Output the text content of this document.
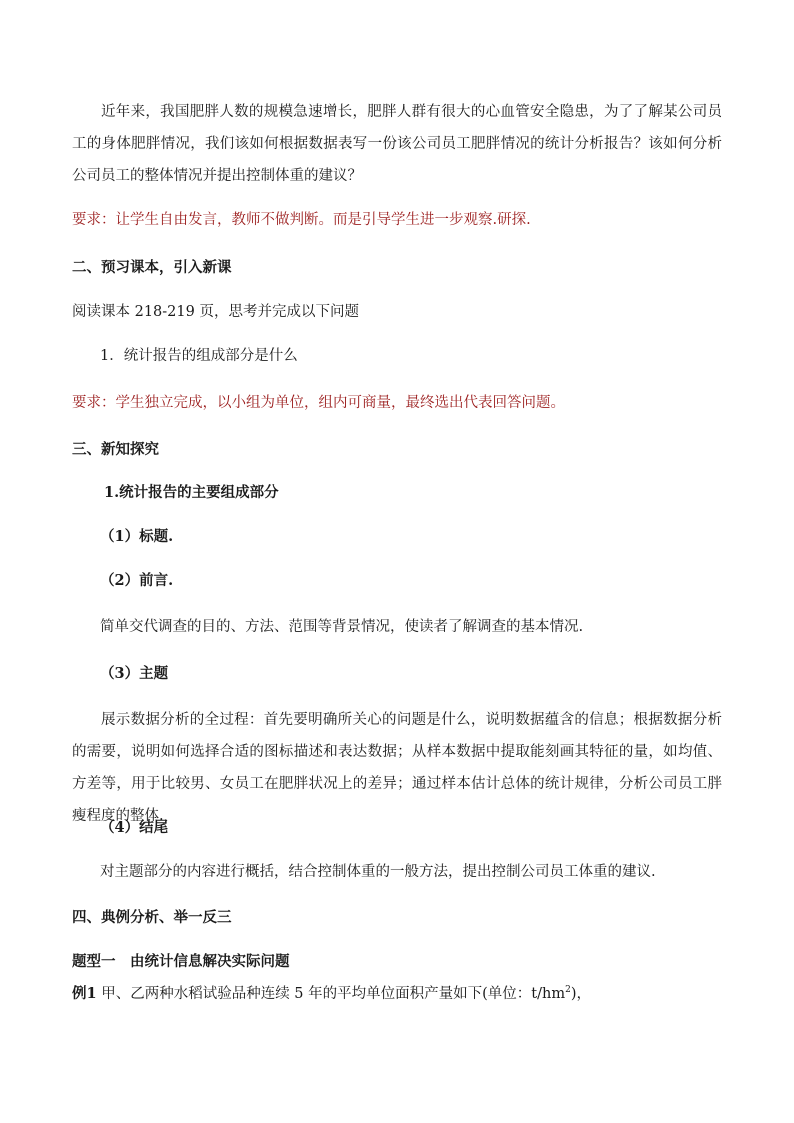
近年来，我国肥胖人数的规模急速增长，肥胖人群有很大的心血管安全隐患，为了了解某公司员工的身体肥胖情况，我们该如何根据数据表写一份该公司员工肥胖情况的统计分析报告？该如何分析公司员工的整体情况并提出控制体重的建议？

要求：让学生自由发言，教师不做判断。而是引导学生进一步观察.研探.
二、预习课本，引入新课
阅读课本 218-219 页，思考并完成以下问题
1．统计报告的组成部分是什么
要求：学生独立完成，以小组为单位，组内可商量，最终选出代表回答问题。
三、新知探究
1.统计报告的主要组成部分
（1）标题.
（2）前言.
简单交代调查的目的、方法、范围等背景情况，使读者了解调查的基本情况.
（3）主题

展示数据分析的全过程：首先要明确所关心的问题是什么，说明数据蕴含的信息；根据数据分析的需要，说明如何选择合适的图标描述和表达数据；从样本数据中提取能刻画其特征的量，如均值、方差等，用于比较男、女员工在肥胖状况上的差异；通过样本估计总体的统计规律，分析公司员工胖瘦程度的整体.

（4）结尾
对主题部分的内容进行概括，结合控制体重的一般方法，提出控制公司员工体重的建议.
四、典例分析、举一反三
题型一　由统计信息解决实际问题
例1 甲、乙两种水稻试验品种连续 5 年的平均单位面积产量如下(单位：$t/hm^2$)，
